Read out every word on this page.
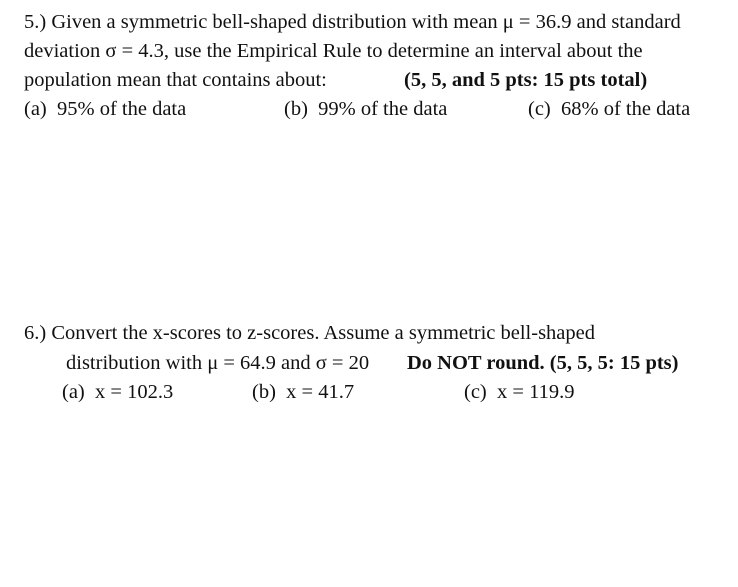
5.) Given a symmetric bell-shaped distribution with mean μ = 36.9 and standard
deviation σ = 4.3, use the Empirical Rule to determine an interval about the
population mean that contains about:	(5, 5, and 5 pts: 15 pts total)
(a) 95% of the data	(b) 99% of the data	(c) 68% of the data
6.) Convert the x-scores to z-scores. Assume a symmetric bell-shaped
distribution with μ = 64.9 and σ = 20 Do NOT round. (5, 5, 5: 15 pts)
(a) x = 102.3	(b) x = 41.7	(c) x = 119.9
